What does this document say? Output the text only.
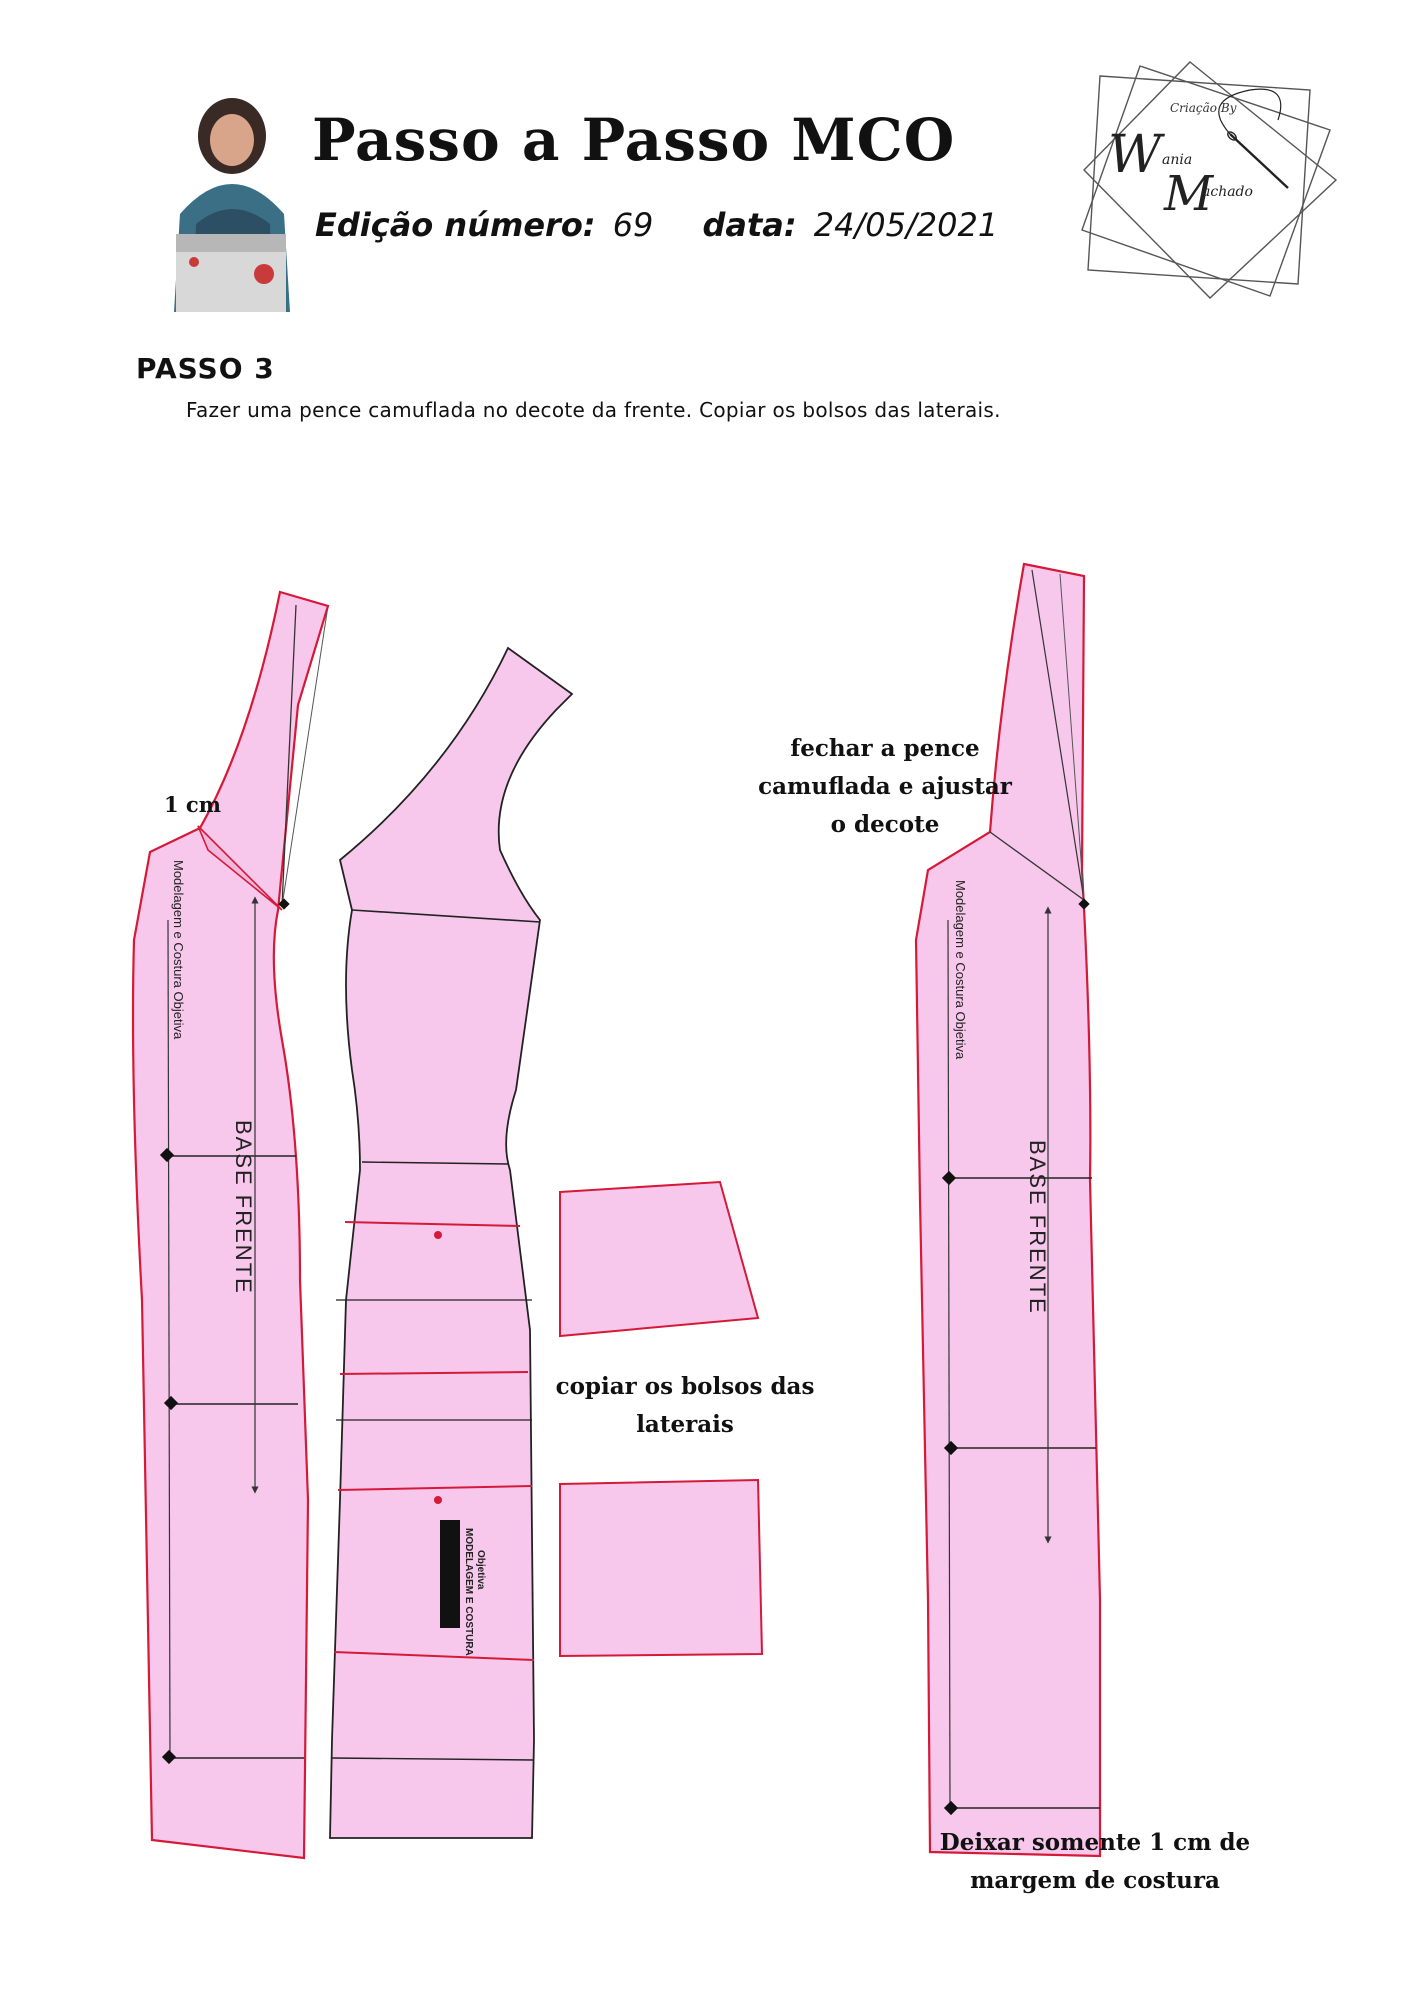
Passo a Passo MCO
Edição número: 69 data: 24/05/2021
Criação By
W ania
M
achado
PASSO 3
Fazer uma pence camuflada no decote da frente. Copiar os bolsos das laterais.
Modelagem e Costura Objetiva
BASE FRENTE
MODELAGEM E COSTURA Objetiva
Modelagem e Costura Objetiva
BASE FRENTE
1 cm
fechar a pence
camuflada e ajustar
o decote
copiar os bolsos das
laterais
Deixar somente 1 cm de
margem de costura
